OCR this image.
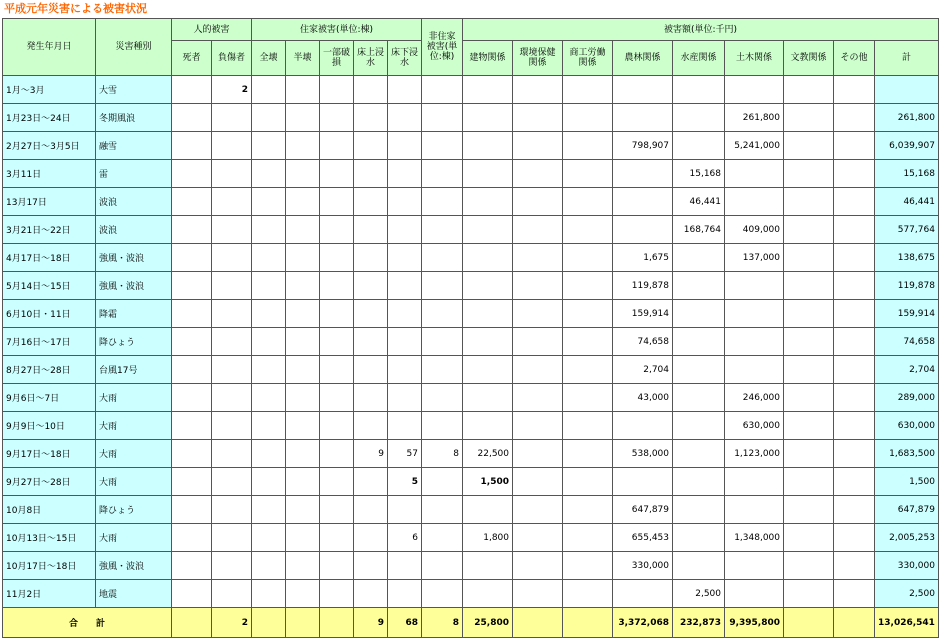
平成元年災害による被害状況
発生年月日	災害種別	人的被害		住家被害(単位:棟)					非住家被害(単位:棟)	被害額(単位:千円)								
		死者	負傷者	全壊	半壊	一部破損	床上浸水	床下浸水		建物関係	環境保健関係	商工労働関係	農林関係	水産関係	土木関係	文教関係	その他	計
1月～3月	大雪		2															
1月23日～24日	冬期風浪														261,800			261,800
2月27日～3月5日	融雪												798,907		5,241,000			6,039,907
3月11日	雷													15,168				15,168
13月17日	波浪													46,441				46,441
3月21日～22日	波浪													168,764	409,000			577,764
4月17日～18日	強風・波浪												1,675		137,000			138,675
5月14日～15日	強風・波浪												119,878					119,878
6月10日・11日	降霜												159,914					159,914
7月16日～17日	降ひょう												74,658					74,658
8月27日～28日	台風17号												2,704					2,704
9月6日～7日	大雨												43,000		246,000			289,000
9月9日～10日	大雨														630,000			630,000
9月17日～18日	大雨						9	57	8	22,500			538,000		1,123,000			1,683,500
9月27日～28日	大雨							5		1,500								1,500
10月8日	降ひょう												647,879					647,879
10月13日～15日	大雨							6		1,800			655,453		1,348,000			2,005,253
10月17日～18日	強風・波浪												330,000					330,000
11月2日	地震													2,500				2,500
合　　計			2				9	68	8	25,800			3,372,068	232,873	9,395,800			13,026,541
